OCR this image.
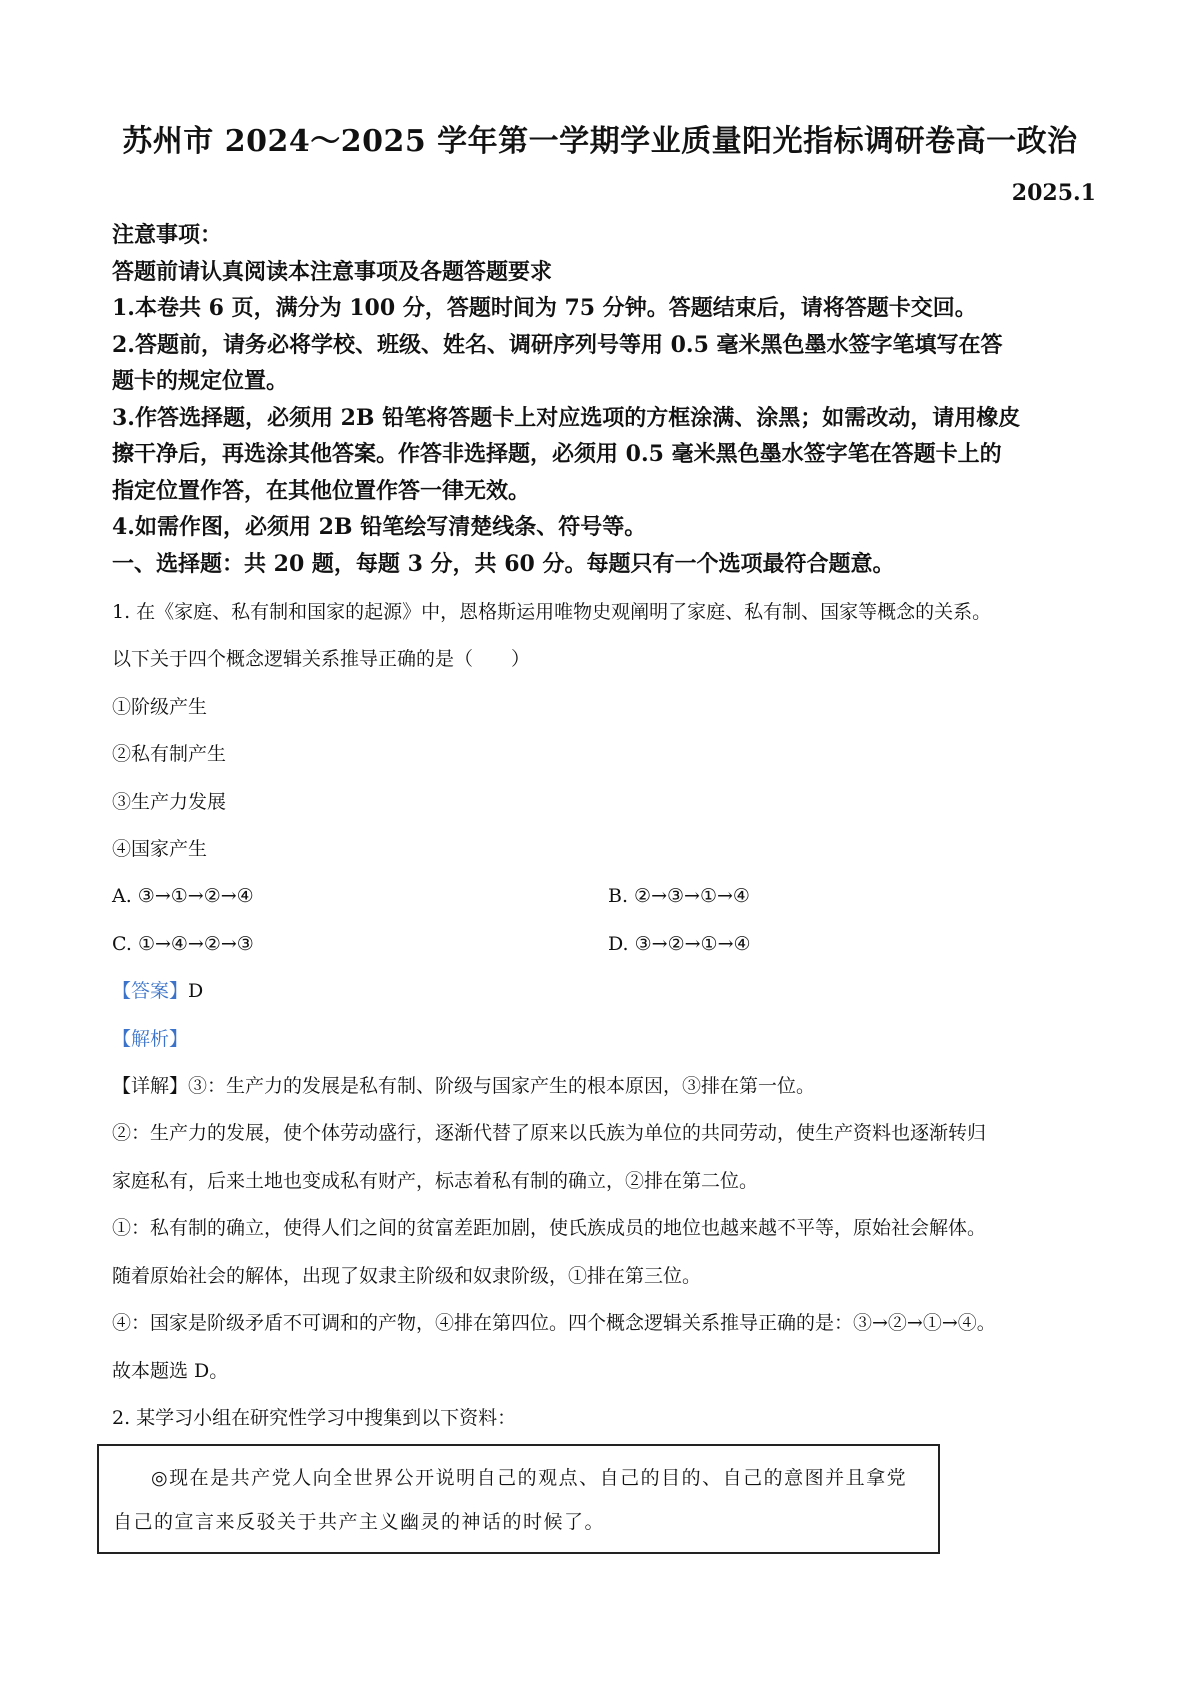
苏州市 2024～2025 学年第一学期学业质量阳光指标调研卷高一政治
2025.1
注意事项：
答题前请认真阅读本注意事项及各题答题要求
1.本卷共 6 页，满分为 100 分，答题时间为 75 分钟。答题结束后，请将答题卡交回。
2.答题前，请务必将学校、班级、姓名、调研序列号等用 0.5 毫米黑色墨水签字笔填写在答
题卡的规定位置。
3.作答选择题，必须用 2B 铅笔将答题卡上对应选项的方框涂满、涂黑；如需改动，请用橡皮
擦干净后，再选涂其他答案。作答非选择题，必须用 0.5 毫米黑色墨水签字笔在答题卡上的
指定位置作答，在其他位置作答一律无效。
4.如需作图，必须用 2B 铅笔绘写清楚线条、符号等。
一、选择题：共 20 题，每题 3 分，共 60 分。每题只有一个选项最符合题意。
1. 在《家庭、私有制和国家的起源》中，恩格斯运用唯物史观阐明了家庭、私有制、国家等概念的关系。
以下关于四个概念逻辑关系推导正确的是（　　）
①阶级产生
②私有制产生
③生产力发展
④国家产生
A. ③→①→②→④	B. ②→③→①→④
C. ①→④→②→③	D. ③→②→①→④
【答案】D
【解析】
【详解】③：生产力的发展是私有制、阶级与国家产生的根本原因，③排在第一位。
②：生产力的发展，使个体劳动盛行，逐渐代替了原来以氏族为单位的共同劳动，使生产资料也逐渐转归
家庭私有，后来土地也变成私有财产，标志着私有制的确立，②排在第二位。
①：私有制的确立，使得人们之间的贫富差距加剧，使氏族成员的地位也越来越不平等，原始社会解体。
随着原始社会的解体，出现了奴隶主阶级和奴隶阶级，①排在第三位。
④：国家是阶级矛盾不可调和的产物，④排在第四位。四个概念逻辑关系推导正确的是：③→②→①→④。
故本题选 D。
2. 某学习小组在研究性学习中搜集到以下资料：
◎现在是共产党人向全世界公开说明自己的观点、自己的目的、自己的意图并且拿党
自己的宣言来反驳关于共产主义幽灵的神话的时候了。
